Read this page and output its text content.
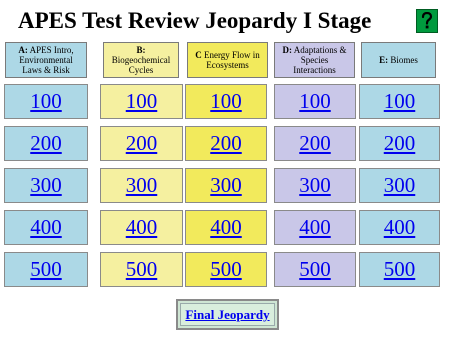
APES Test Review Jeopardy I Stage
A: APES Intro,
Environmental
Laws & Risk
B:
Biogeochemical
Cycles
C Energy Flow in
Ecosystems
D: Adaptations &
Species
Interactions
E: Biomes
100
200
300
400
500
100
200
300
400
500
100
200
300
400
500
100
200
300
400
500
100
200
300
400
500
Final Jeopardy
